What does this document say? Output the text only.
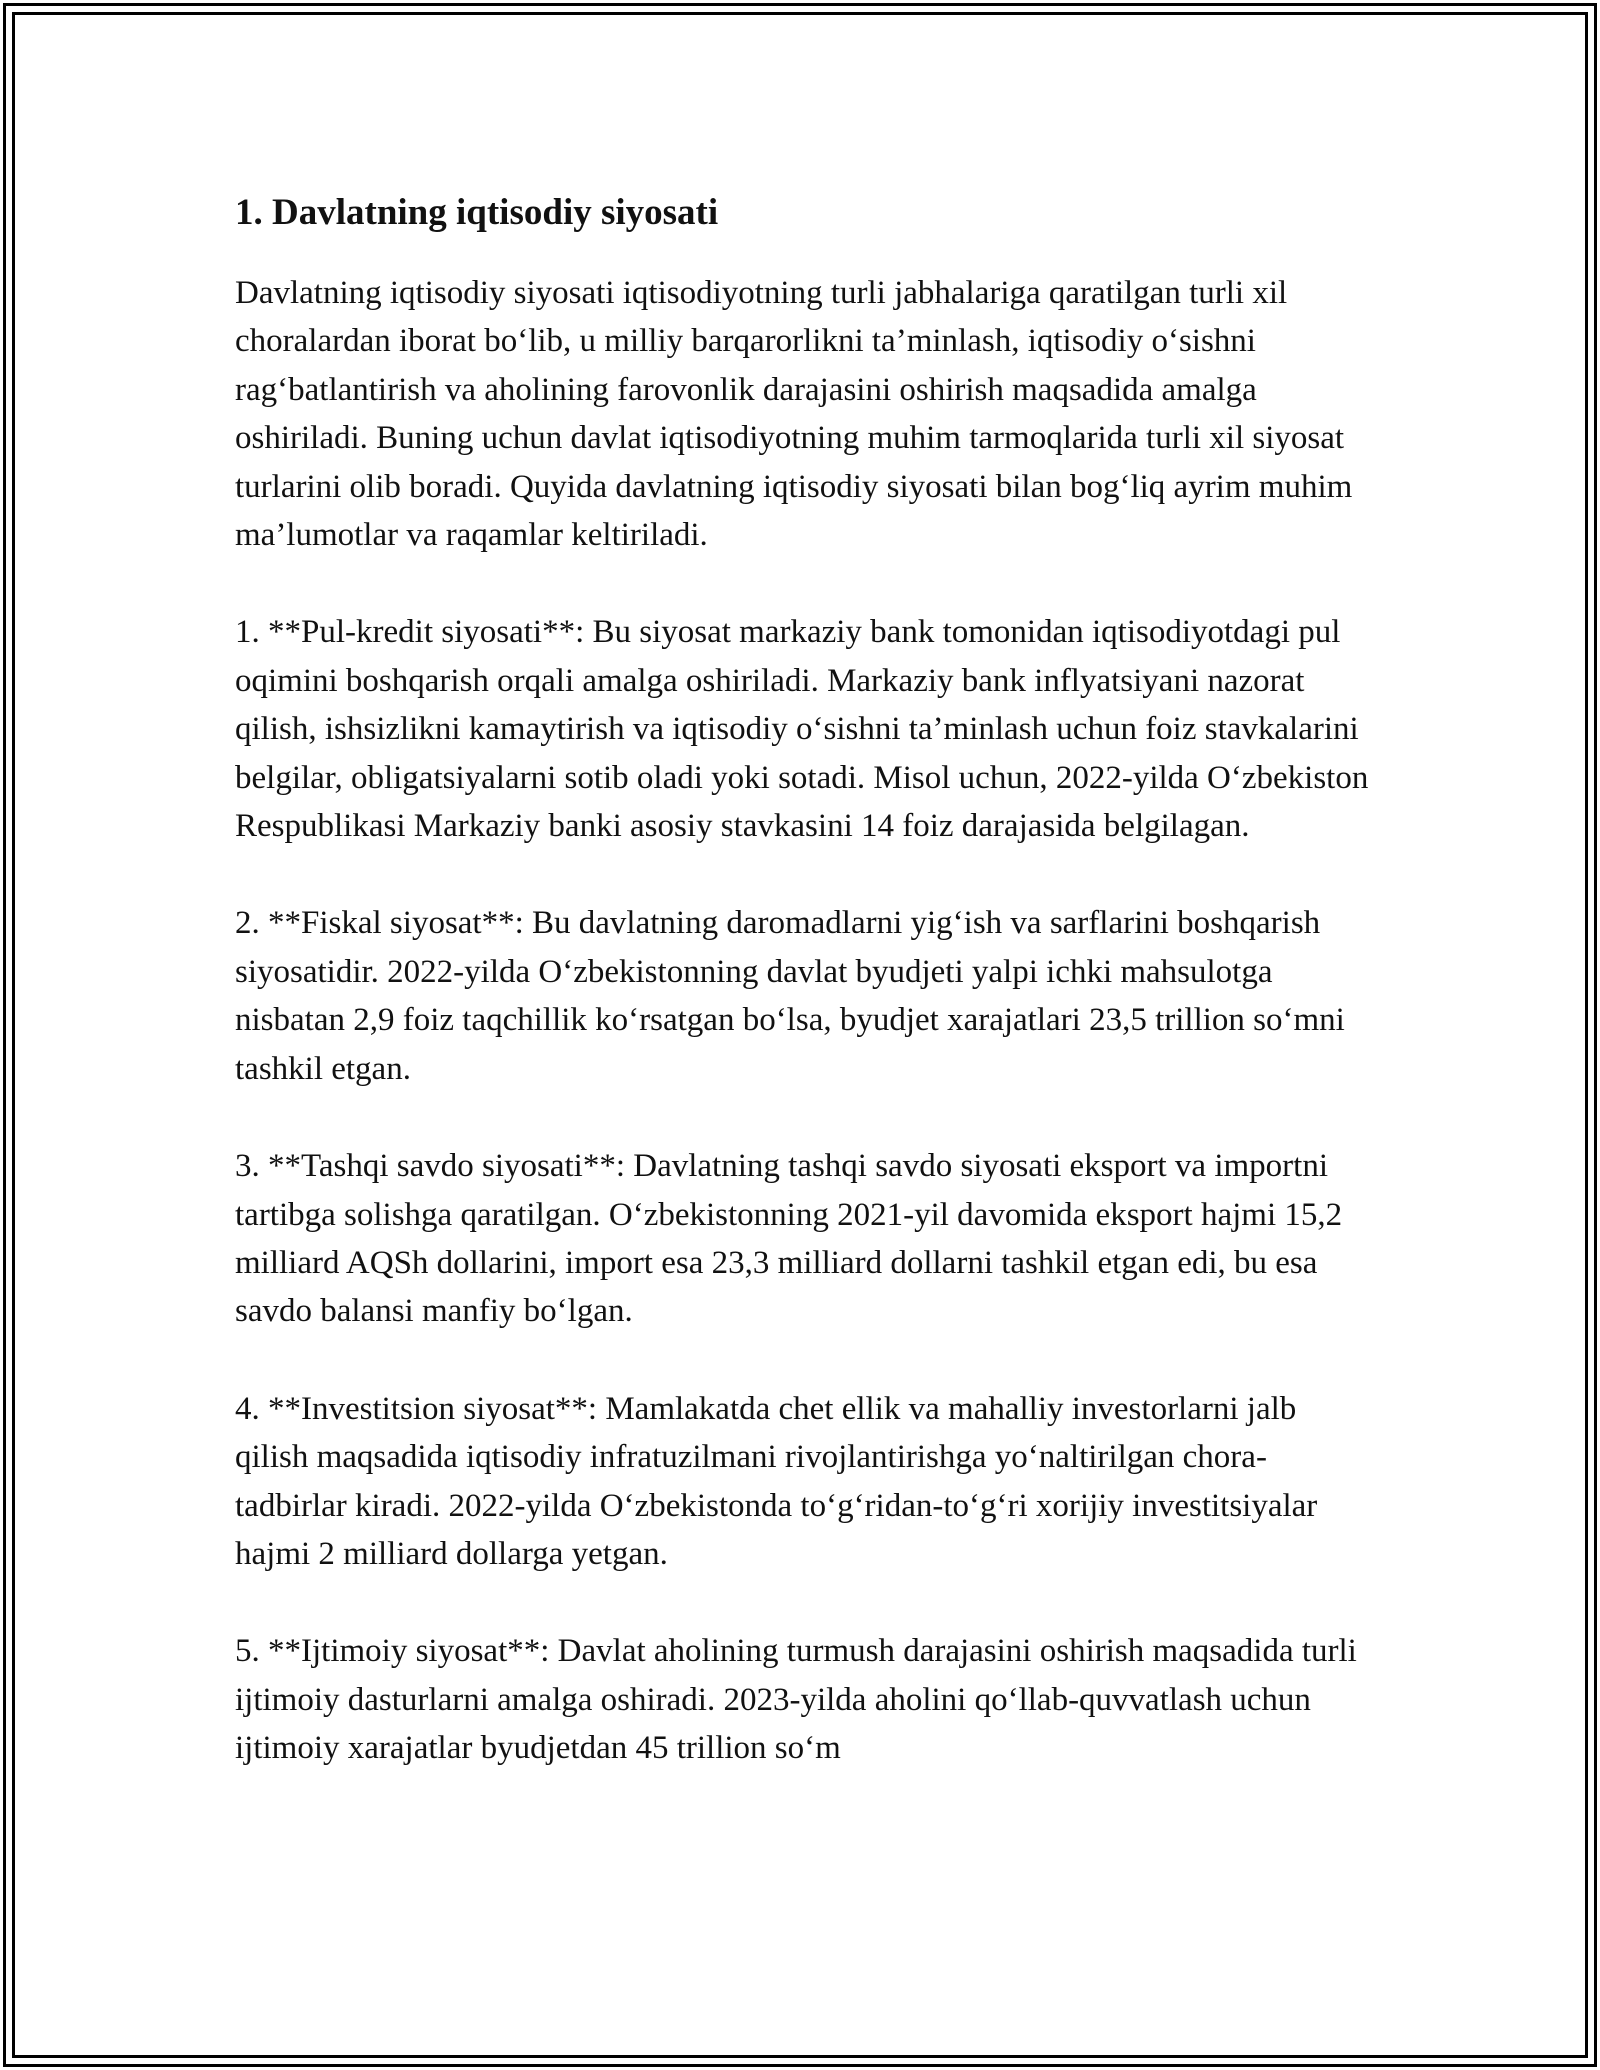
1. Davlatning iqtisodiy siyosati

Davlatning iqtisodiy siyosati iqtisodiyotning turli jabhalariga qaratilgan turli xil choralardan iborat bo‘lib, u milliy barqarorlikni ta’minlash, iqtisodiy o‘sishni rag‘batlantirish va aholining farovonlik darajasini oshirish maqsadida amalga oshiriladi. Buning uchun davlat iqtisodiyotning muhim tarmoqlarida turli xil siyosat turlarini olib boradi. Quyida davlatning iqtisodiy siyosati bilan bog‘liq ayrim muhim ma’lumotlar va raqamlar keltiriladi.

1. **Pul-kredit siyosati**: Bu siyosat markaziy bank tomonidan iqtisodiyotdagi pul oqimini boshqarish orqali amalga oshiriladi. Markaziy bank inflyatsiyani nazorat qilish, ishsizlikni kamaytirish va iqtisodiy o‘sishni ta’minlash uchun foiz stavkalarini belgilar, obligatsiyalarni sotib oladi yoki sotadi. Misol uchun, 2022-yilda O‘zbekiston Respublikasi Markaziy banki asosiy stavkasini 14 foiz darajasida belgilagan.

2. **Fiskal siyosat**: Bu davlatning daromadlarni yig‘ish va sarflarini boshqarish siyosatidir. 2022-yilda O‘zbekistonning davlat byudjeti yalpi ichki mahsulotga nisbatan 2,9 foiz taqchillik ko‘rsatgan bo‘lsa, byudjet xarajatlari 23,5 trillion so‘mni tashkil etgan.

3. **Tashqi savdo siyosati**: Davlatning tashqi savdo siyosati eksport va importni tartibga solishga qaratilgan. O‘zbekistonning 2021-yil davomida eksport hajmi 15,2 milliard AQSh dollarini, import esa 23,3 milliard dollarni tashkil etgan edi, bu esa savdo balansi manfiy bo‘lgan.

4. **Investitsion siyosat**: Mamlakatda chet ellik va mahalliy investorlarni jalb qilish maqsadida iqtisodiy infratuzilmani rivojlantirishga yo‘naltirilgan chora-tadbirlar kiradi. 2022-yilda O‘zbekistonda to‘g‘ridan-to‘g‘ri xorijiy investitsiyalar hajmi 2 milliard dollarga yetgan.

5. **Ijtimoiy siyosat**: Davlat aholining turmush darajasini oshirish maqsadida turli ijtimoiy dasturlarni amalga oshiradi. 2023-yilda aholini qo‘llab-quvvatlash uchun ijtimoiy xarajatlar byudjetdan 45 trillion so‘m
